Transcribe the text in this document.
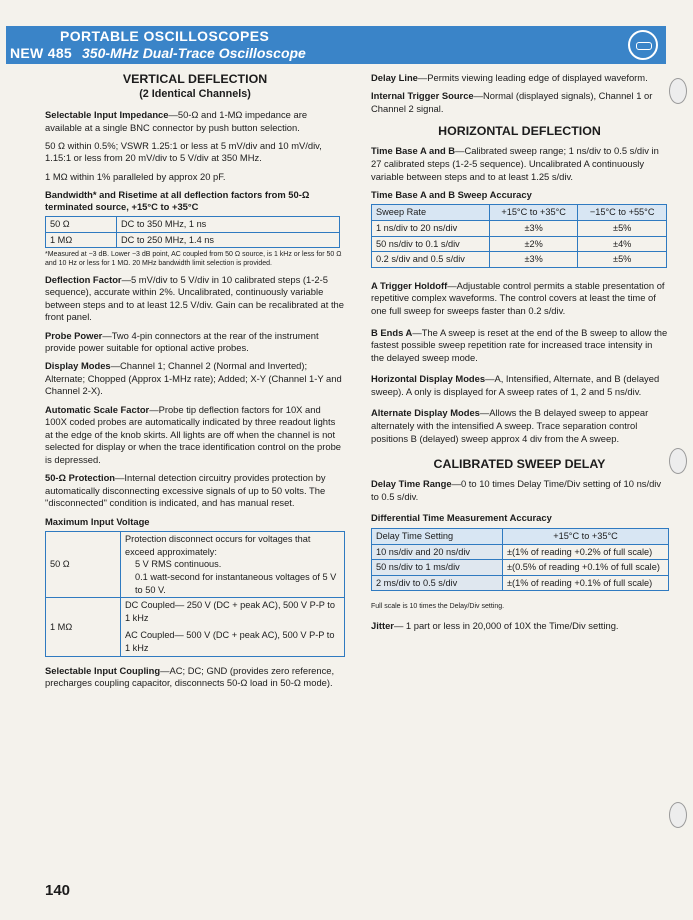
PORTABLE OSCILLOSCOPES
NEW 485 350-MHz Dual-Trace Oscilloscope
VERTICAL DEFLECTION
(2 Identical Channels)

Selectable Input Impedance—50-Ω and 1-MΩ impedance are available at a single BNC connector by push button selection.

50 Ω within 0.5%; VSWR 1.25:1 or less at 5 mV/div and 10 mV/div, 1.15:1 or less from 20 mV/div to 5 V/div at 350 MHz.

1 MΩ within 1% paralleled by approx 20 pF.

Bandwidth* and Risetime at all deflection factors from 50-Ω terminated source, +15°C to +35°C

50 Ω	DC to 350 MHz, 1 ns
1 MΩ	DC to 250 MHz, 1.4 ns

*Measured at −3 dB. Lower −3 dB point, AC coupled from 50 Ω source, is 1 kHz or less for 50 Ω and 10 Hz or less for 1 MΩ. 20 MHz bandwidth limit selection is provided.

Deflection Factor—5 mV/div to 5 V/div in 10 calibrated steps (1-2-5 sequence), accurate within 2%. Uncalibrated, continuously variable between steps and to at least 12.5 V/div. Gain can be recalibrated at the front panel.

Probe Power—Two 4-pin connectors at the rear of the instrument provide power suitable for optional active probes.

Display Modes—Channel 1; Channel 2 (Normal and Inverted); Alternate; Chopped (Approx 1-MHz rate); Added; X-Y (Channel 1-Y and Channel 2-X).

Automatic Scale Factor—Probe tip deflection factors for 10X and 100X coded probes are automatically indicated by three readout lights at the edge of the knob skirts. All lights are off when the channel is not selected for display or when the trace identification control on the probe is depressed.

50-Ω Protection—Internal detection circuitry provides protection by automatically disconnecting excessive signals of up to 50 volts. The "disconnected" condition is indicated, and has manual reset.

Maximum Input Voltage

50 Ω	Protection disconnect occurs for voltages that exceed approximately:
5 V RMS continuous.
0.1 watt-second for instantaneous voltages of 5 V to 50 V.

1 MΩ	DC Coupled— 250 V (DC + peak AC), 500 V P-P to 1 kHz
AC Coupled— 500 V (DC + peak AC), 500 V P-P to 1 kHz

Selectable Input Coupling—AC; DC; GND (provides zero reference, precharges coupling capacitor, disconnects 50-Ω load in 50-Ω mode).

Delay Line—Permits viewing leading edge of displayed waveform.

Internal Trigger Source—Normal (displayed signals), Channel 1 or Channel 2 signal.

HORIZONTAL DEFLECTION

Time Base A and B—Calibrated sweep range; 1 ns/div to 0.5 s/div in 27 calibrated steps (1-2-5 sequence). Uncalibrated A continuously variable between steps and to at least 1.25 s/div.

Time Base A and B Sweep Accuracy

Sweep Rate	+15°C to +35°C	−15°C to +55°C
1 ns/div to 20 ns/div	±3%	±5%
50 ns/div to 0.1 s/div	±2%	±4%
0.2 s/div and 0.5 s/div	±3%	±5%

A Trigger Holdoff—Adjustable control permits a stable presentation of repetitive complex waveforms. The control covers at least the time of one full sweep for sweeps faster than 0.2 s/div.

B Ends A—The A sweep is reset at the end of the B sweep to allow the fastest possible sweep repetition rate for increased trace intensity in the delayed sweep mode.

Horizontal Display Modes—A, Intensified, Alternate, and B (delayed sweep). A only is displayed for A sweep rates of 1, 2 and 5 ns/div.

Alternate Display Modes—Allows the B delayed sweep to appear alternately with the intensified A sweep. Trace separation control positions B (delayed) sweep approx 4 div from the A sweep.

CALIBRATED SWEEP DELAY

Delay Time Range—0 to 10 times Delay Time/Div setting of 10 ns/div to 0.5 s/div.

Differential Time Measurement Accuracy

Delay Time Setting	+15°C to +35°C
10 ns/div and 20 ns/div	±(1% of reading +0.2% of full scale)
50 ns/div to 1 ms/div	±(0.5% of reading +0.1% of full scale)
2 ms/div to 0.5 s/div	±(1% of reading +0.1% of full scale)

Full scale is 10 times the Delay/Div setting.

Jitter— 1 part or less in 20,000 of 10X the Time/Div setting.

140
